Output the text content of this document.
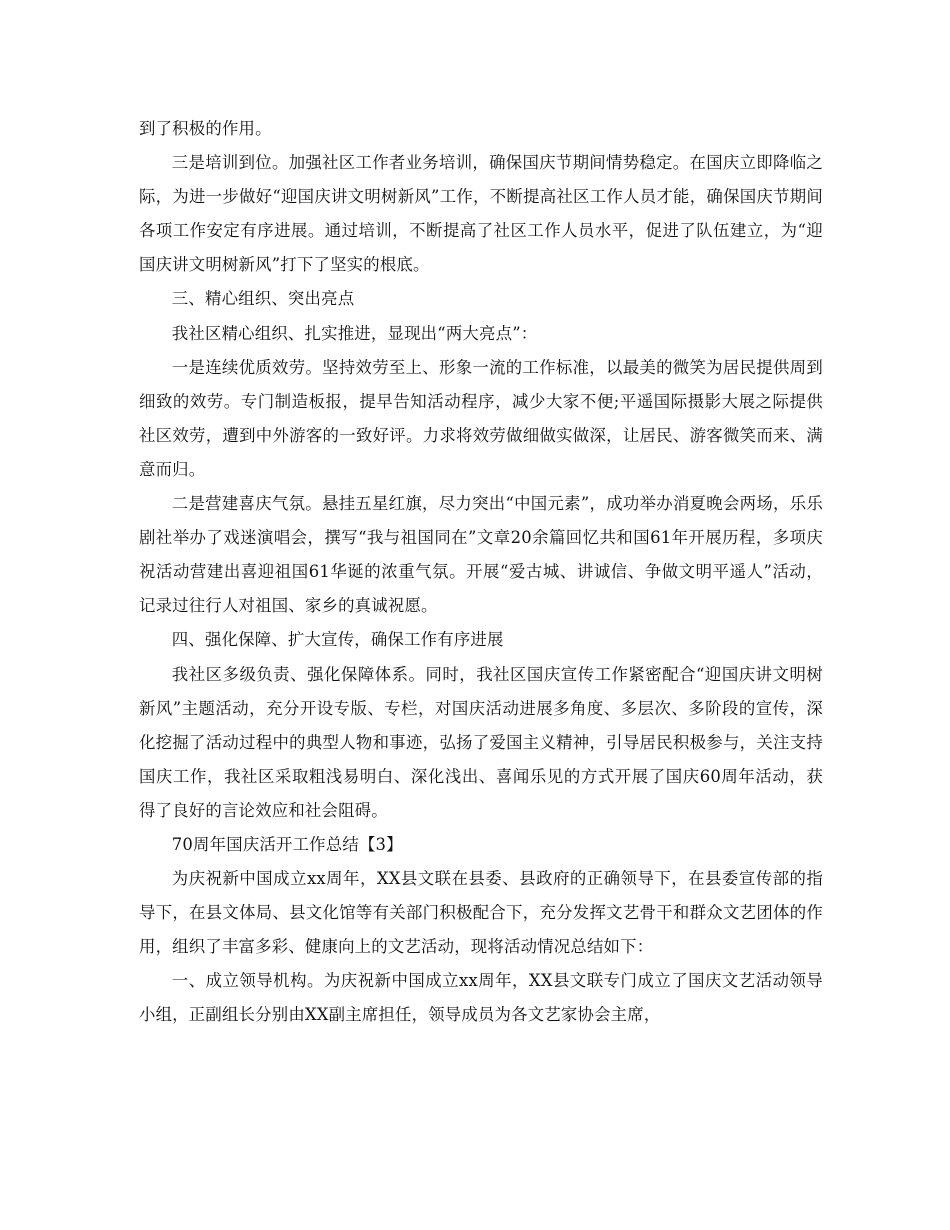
到了积极的作用。

三是培训到位。加强社区工作者业务培训，确保国庆节期间情势稳定。在国庆立即降临之际，为进一步做好“迎国庆讲文明树新风”工作，不断提高社区工作人员才能，确保国庆节期间各项工作安定有序进展。通过培训，不断提高了社区工作人员水平，促进了队伍建立，为“迎国庆讲文明树新风”打下了坚实的根底。

三、精心组织、突出亮点

我社区精心组织、扎实推进，显现出“两大亮点”：

一是连续优质效劳。坚持效劳至上、形象一流的工作标准，以最美的微笑为居民提供周到细致的效劳。专门制造板报，提早告知活动程序，减少大家不便;平遥国际摄影大展之际提供社区效劳，遭到中外游客的一致好评。力求将效劳做细做实做深，让居民、游客微笑而来、满意而归。

二是营建喜庆气氛。悬挂五星红旗，尽力突出“中国元素”，成功举办消夏晚会两场，乐乐剧社举办了戏迷演唱会，撰写“我与祖国同在”文章20余篇回忆共和国61年开展历程，多项庆祝活动营建出喜迎祖国61华诞的浓重气氛。开展“爱古城、讲诚信、争做文明平遥人”活动，记录过往行人对祖国、家乡的真诚祝愿。

四、强化保障、扩大宣传，确保工作有序进展

我社区多级负责、强化保障体系。同时，我社区国庆宣传工作紧密配合“迎国庆讲文明树新风”主题活动，充分开设专版、专栏，对国庆活动进展多角度、多层次、多阶段的宣传，深化挖掘了活动过程中的典型人物和事迹，弘扬了爱国主义精神，引导居民积极参与，关注支持国庆工作，我社区采取粗浅易明白、深化浅出、喜闻乐见的方式开展了国庆60周年活动，获得了良好的言论效应和社会阻碍。

70周年国庆活开工作总结【3】

为庆祝新中国成立xx周年，XX县文联在县委、县政府的正确领导下，在县委宣传部的指导下，在县文体局、县文化馆等有关部门积极配合下，充分发挥文艺骨干和群众文艺团体的作用，组织了丰富多彩、健康向上的文艺活动，现将活动情况总结如下：

一、成立领导机构。为庆祝新中国成立xx周年，XX县文联专门成立了国庆文艺活动领导小组，正副组长分别由XX副主席担任，领导成员为各文艺家协会主席，
